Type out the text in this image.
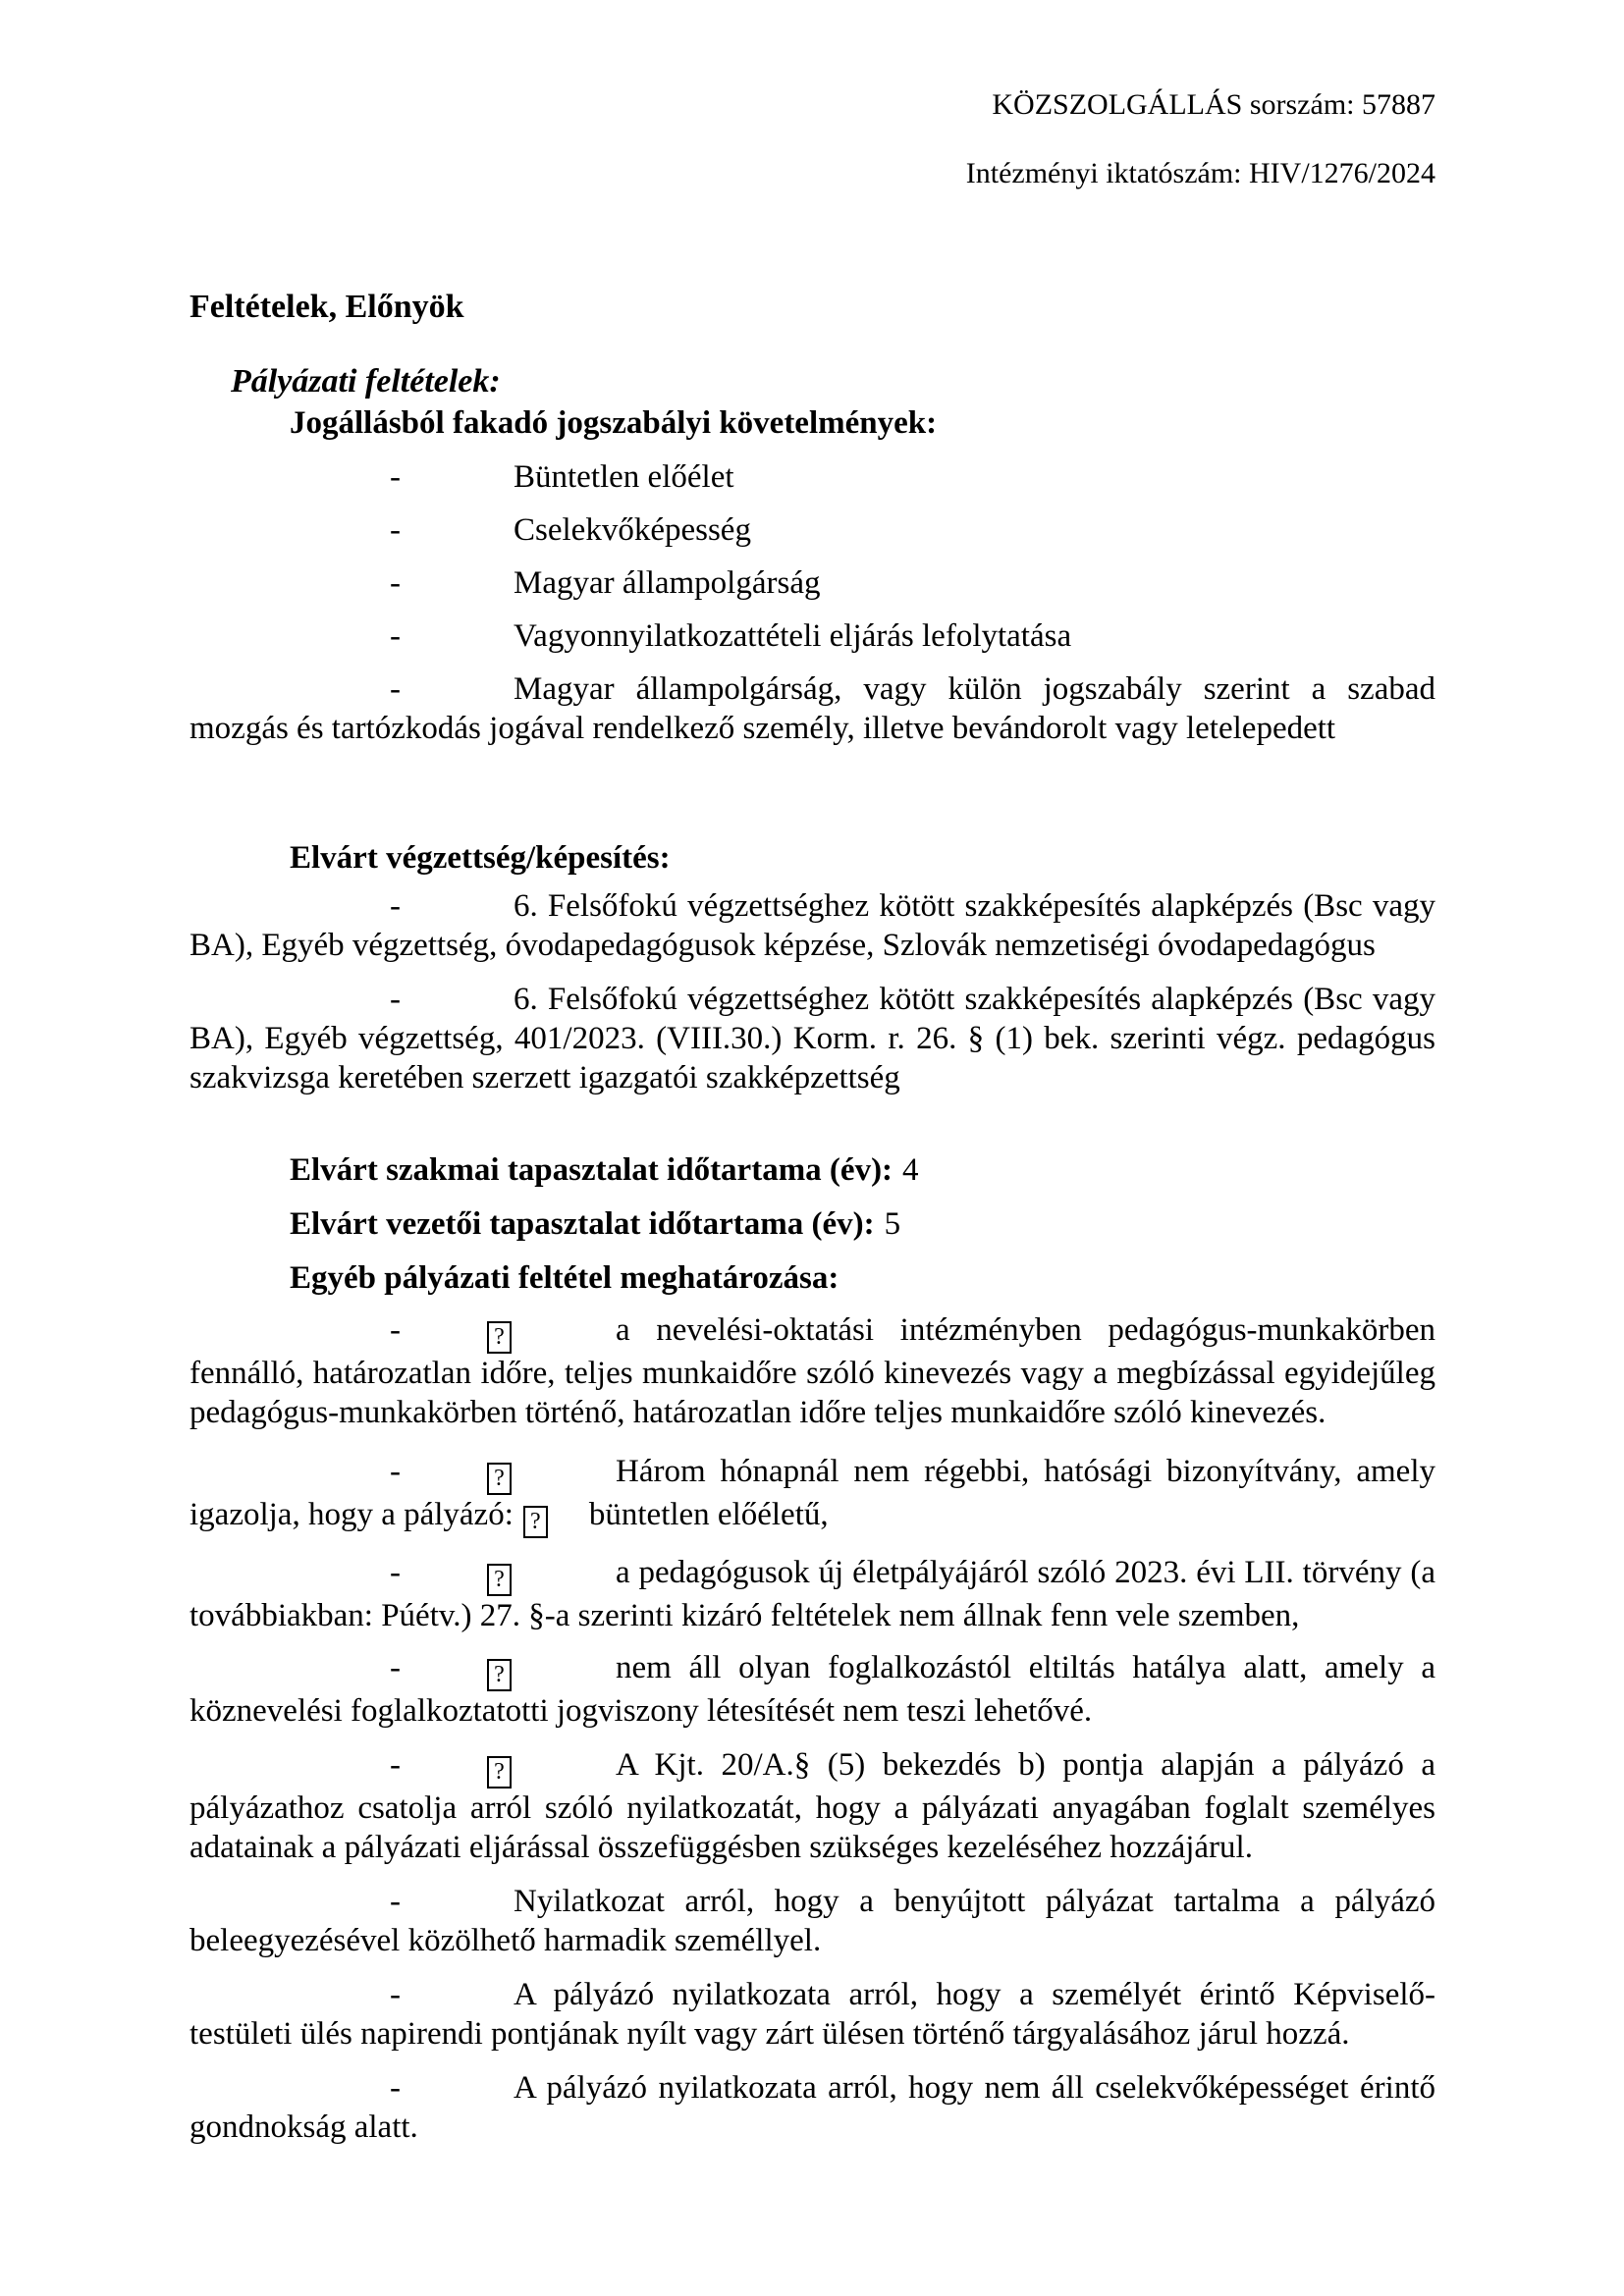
KÖZSZOLGÁLLÁS sorszám: 57887
Intézményi iktatószám: HIV/1276/2024
Feltételek, Előnyök
Pályázati feltételek:
Jogállásból fakadó jogszabályi követelmények:

-	Büntetlen előélet

-	Cselekvőképesség

-	Magyar állampolgárság

-	Vagyonnyilatkozattételi eljárás lefolytatása

-	Magyar állampolgárság, vagy külön jogszabály szerint a szabad mozgás és tartózkodás jogával rendelkező személy, illetve bevándorolt vagy letelepedett

Elvárt végzettség/képesítés:

-	6. Felsőfokú végzettséghez kötött szakképesítés alapképzés (Bsc vagy BA), Egyéb végzettség, óvodapedagógusok képzése, Szlovák nemzetiségi óvodapedagógus

-	6. Felsőfokú végzettséghez kötött szakképesítés alapképzés (Bsc vagy BA), Egyéb végzettség, 401/2023. (VIII.30.) Korm. r. 26. § (1) bek. szerinti végz. pedagógus szakvizsga keretében szerzett igazgatói szakképzettség

Elvárt szakmai tapasztalat időtartama (év): 4

Elvárt vezetői tapasztalat időtartama (év): 5

Egyéb pályázati feltétel meghatározása:

-	?	a nevelési-oktatási intézményben pedagógus-munkakörben fennálló, határozatlan időre, teljes munkaidőre szóló kinevezés vagy a megbízással egyidejűleg pedagógus-munkakörben történő, határozatlan időre teljes munkaidőre szóló kinevezés.

-	?	Három hónapnál nem régebbi, hatósági bizonyítvány, amely igazolja, hogy a pályázó: ? büntetlen előéletű,

-	?	a pedagógusok új életpályájáról szóló 2023. évi LII. törvény (a továbbiakban: Púétv.) 27. §-a szerinti kizáró feltételek nem állnak fenn vele szemben,

-	?	nem áll olyan foglalkozástól eltiltás hatálya alatt, amely a köznevelési foglalkoztatotti jogviszony létesítését nem teszi lehetővé.

-	?	A Kjt. 20/A.§ (5) bekezdés b) pontja alapján a pályázó a pályázathoz csatolja arról szóló nyilatkozatát, hogy a pályázati anyagában foglalt személyes adatainak a pályázati eljárással összefüggésben szükséges kezeléséhez hozzájárul.

-	Nyilatkozat arról, hogy a benyújtott pályázat tartalma a pályázó beleegyezésével közölhető harmadik személlyel.

-	A pályázó nyilatkozata arról, hogy a személyét érintő Képviselő-testületi ülés napirendi pontjának nyílt vagy zárt ülésen történő tárgyalásához járul hozzá.

-	A pályázó nyilatkozata arról, hogy nem áll cselekvőképességet érintő gondnokság alatt.
